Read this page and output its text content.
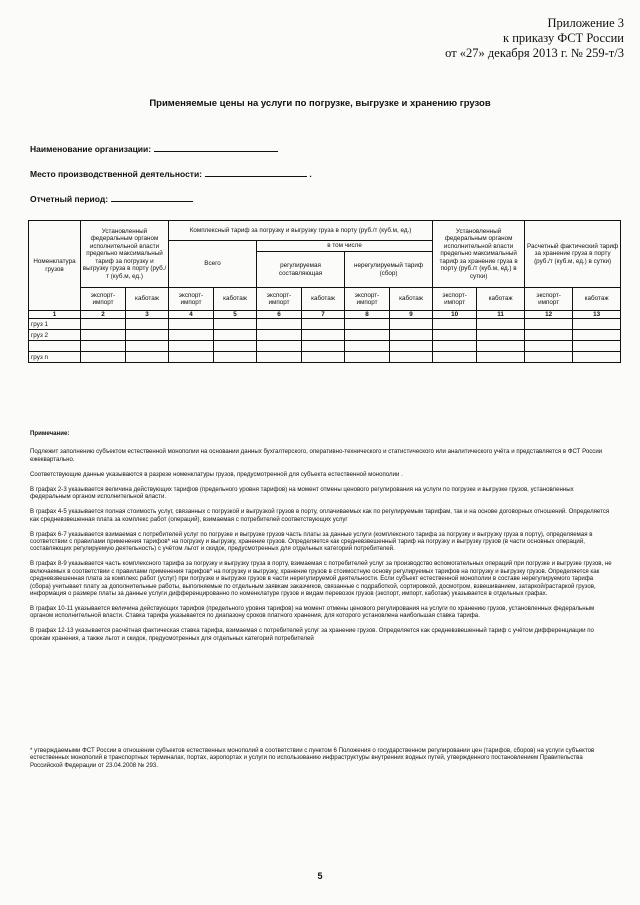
Приложение 3
к приказу ФСТ России
от «27» декабря 2013 г. № 259-т/3
Применяемые цены на услуги по погрузке, выгрузке и хранению грузов
Наименование организации:
Место производственной деятельности:	.
Отчетный период:
Номенклатура грузов	Установленный федеральным органом исполнительной власти предельно максимальный тариф за погрузку и выгрузку груза в порту (руб./т (куб.м, ед.)		Комплексный тариф за погрузку и выгрузку груза в порту (руб./т (куб.м, ед.)						Установленный федеральным органом исполнительной власти предельно максимальный тариф за хранение груза в порту (руб./т (куб.м, ед.) в сутки)		Расчетный фактический тариф за хранение груза в порту (руб./т (куб.м, ед.) в сутки)	
			Всего		в том числе							
					регулируемая составляющая		нерегулируемый тариф (сбор)					
	экспорт-импорт	каботаж	экспорт-импорт	каботаж	экспорт-импорт	каботаж	экспорт-импорт	каботаж	экспорт-импорт	каботаж	экспорт-импорт	каботаж
1	2	3	4	5	6	7	8	9	10	11	12	13
груз 1												
груз 2												

груз n												

Примечание:

Подлежит заполнению субъектом естественной монополии на основании данных бухгалтерского, оперативно-технического и статистического или аналитического учёта и представляется в ФСТ России ежеквартально.

Соответствующие данные указываются в разрезе номенклатуры грузов, предусмотренной для субъекта естественной монополии .

В графах 2-3 указывается величина действующих тарифов (предельного уровня тарифов) на момент отмены ценового регулирования на услуги по погрузке и выгрузке грузов, установленных федеральным органом исполнительной власти.

В графах 4-5 указывается полная стоимость услуг, связанных с погрузкой и выгрузкой грузов в порту, оплачиваемых как по регулируемым тарифам, так и на основе договорных отношений. Определяется как средневзвешенная плата за комплекс работ (операций), взимаемая с потребителей соответствующих услуг

В графах 6-7 указывается взимаемая с потребителей услуг по погрузке и выгрузке грузов часть платы за данные услуги (комплексного тарифа за погрузку и выгрузку груза в порту), определяемая в соответствии с правилами применения тарифов* на погрузку и выгрузку, хранение грузов. Определяется как средневзвешенный тариф на погрузку и выгрузку грузов (в части основных операций, составляющих регулируемую деятельность) с учётом льгот и скидок, предусмотренных для отдельных категорий потребителей.

В графах 8-9 указывается часть комплексного тарифа за погрузку и выгрузку груза в порту, взимаемая с потребителей услуг за производство вспомогательных операций при погрузке и выгрузке грузов, не включаемых в соответствии с правилами применения тарифов* на погрузку и выгрузку, хранение грузов в стоимостную основу регулируемых тарифов на погрузку и выгрузку грузов. Определяется как средневзвешенная плата за комплекс работ (услуг) при погрузке и выгрузке грузов в части нерегулируемой деятельности. Если субъект естественной монополии в составе нерегулируемого тарифа (сбора) учитывает плату за дополнительные работы, выполняемые по отдельным заявкам заказчиков, связанные с подработкой, сортировкой, досмотром, взвешиванием, затаркой/растаркой грузов, информация о размере платы за данные услуги дифференцированно по номенклатуре грузов и видам перевозок грузов (экспорт, импорт, каботаж) указывается в отдельных графах.

В графах 10-11 указывается величина действующих тарифов (предельного уровня тарифов) на момент отмены ценового регулирования на услуги по хранению грузов, установленных федеральным органом исполнительной власти. Ставка тарифа указывается по диапазону сроков платного хранения, для которого установлена наибольшая ставка тарифа.

В графах 12-13 указывается расчётная фактическая ставка тарифа, взимаемая с потребителей услуг за хранение грузов. Определяется как средневзвешенный тариф с учётом дифференциации по срокам хранения, а также льгот и скидок, предусмотренных для отдельных категорий потребителей

* утверждаемыми ФСТ России в отношении субъектов естественных монополий в соответствии с пунктом 6 Положения о государственном регулировании цен (тарифов, сборов) на услуги субъектов естественных монополий в транспортных терминалах, портах, аэропортах и услуги по использованию инфраструктуры внутренних водных путей, утвержденного постановлением Правительства Российской Федерации от 23.04.2008 № 293.
5
